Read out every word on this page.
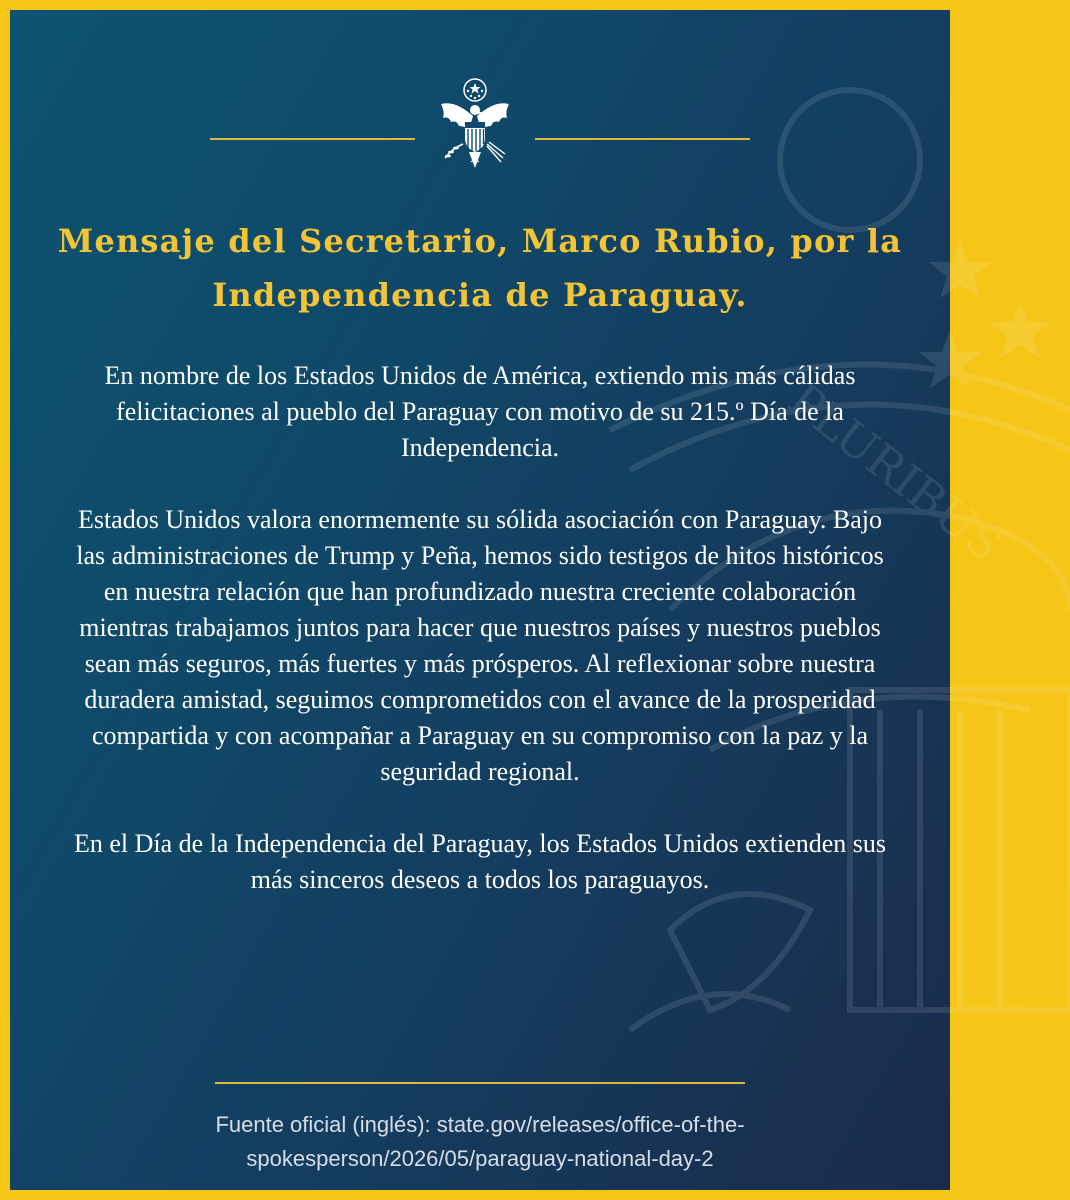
PLURIBUS
Mensaje del Secretario, Marco Rubio, por la
Independencia de Paraguay.

En nombre de los Estados Unidos de América, extiendo mis más cálidas felicitaciones al pueblo del Paraguay con motivo de su 215.º Día de la Independencia.

Estados Unidos valora enormemente su sólida asociación con Paraguay. Bajo las administraciones de Trump y Peña, hemos sido testigos de hitos históricos en nuestra relación que han profundizado nuestra creciente colaboración mientras trabajamos juntos para hacer que nuestros países y nuestros pueblos sean más seguros, más fuertes y más prósperos. Al reflexionar sobre nuestra duradera amistad, seguimos comprometidos con el avance de la prosperidad compartida y con acompañar a Paraguay en su compromiso con la paz y la seguridad regional.

En el Día de la Independencia del Paraguay, los Estados Unidos extienden sus más sinceros deseos a todos los paraguayos.

Fuente oficial (inglés): state.gov/releases/office-of-the-
spokesperson/2026/05/paraguay-national-day-2
